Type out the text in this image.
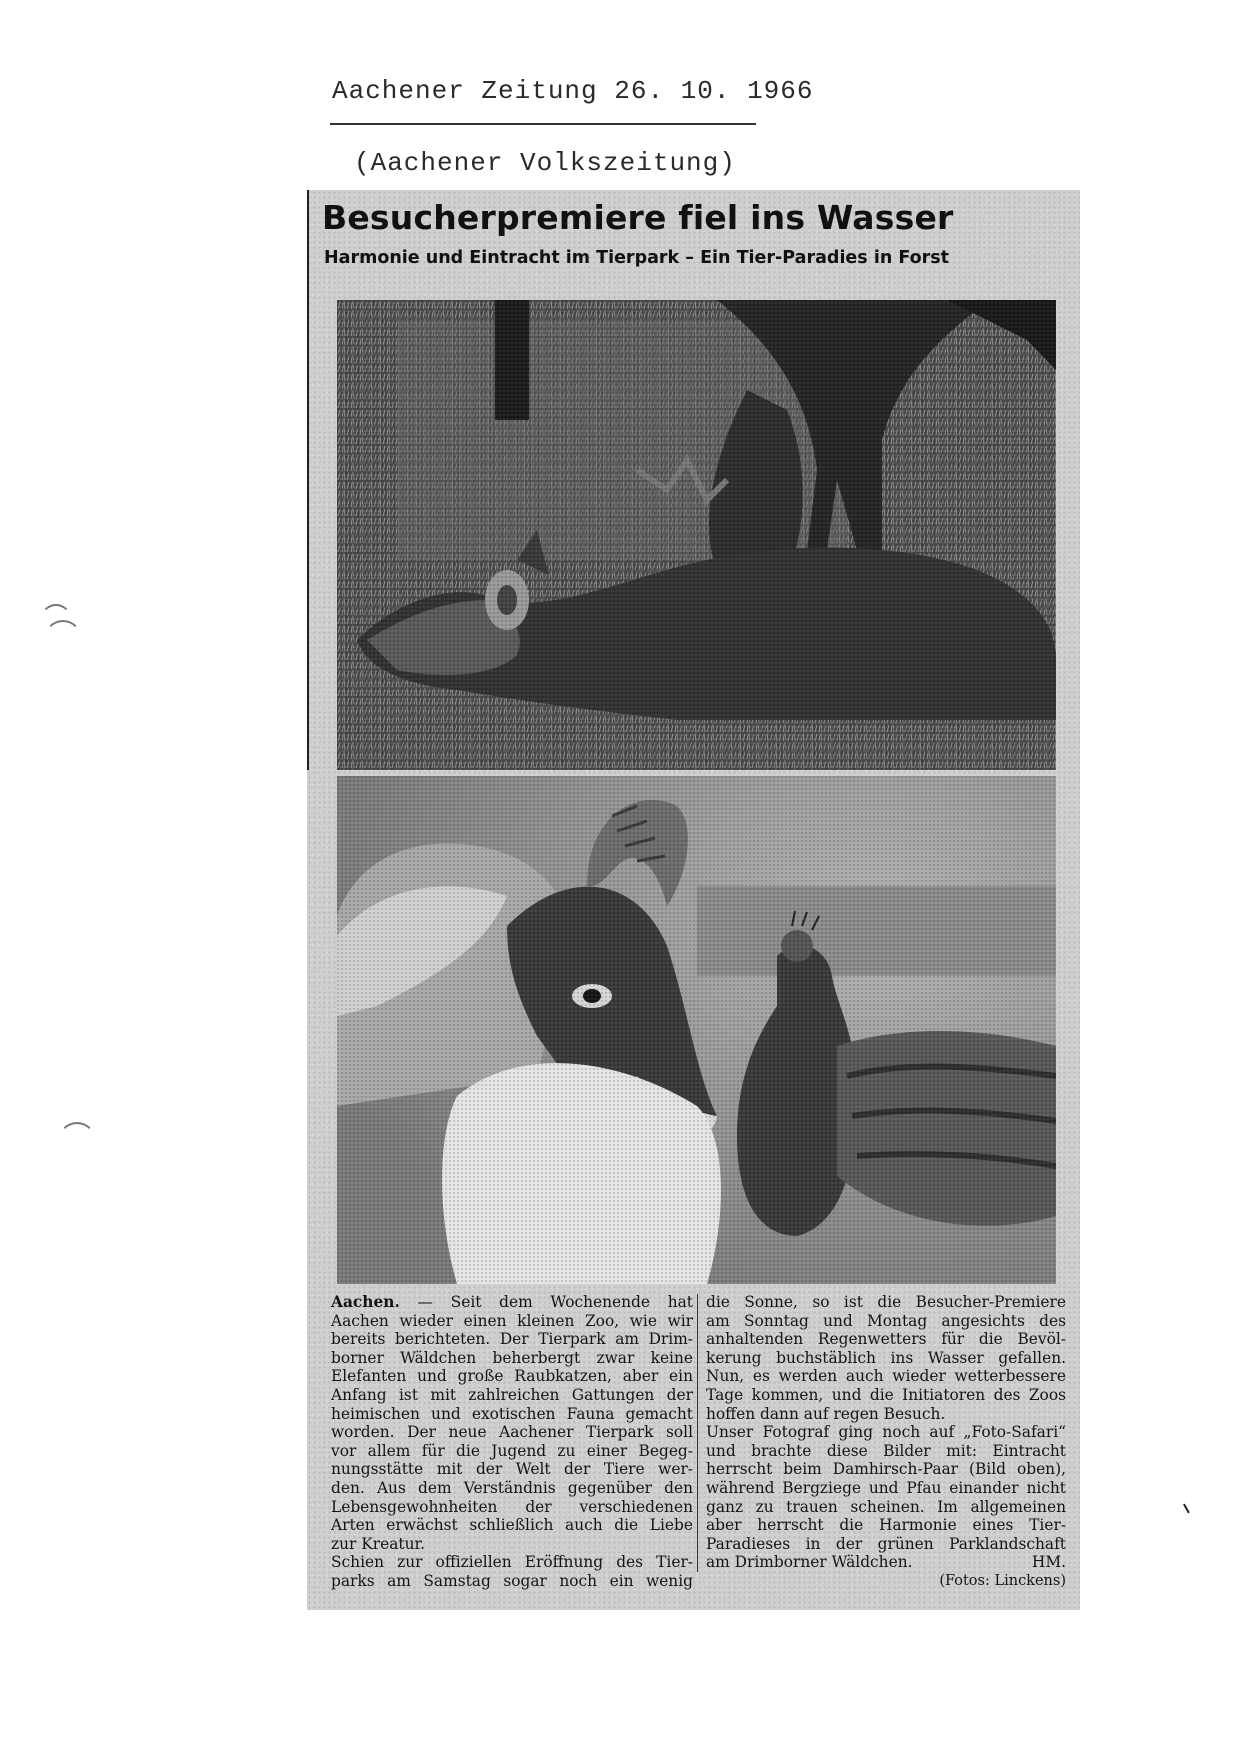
Aachener Zeitung 26. 10. 1966
(Aachener Volkszeitung)
Besucherpremiere fiel ins Wasser
Harmonie und Eintracht im Tierpark – Ein Tier-Paradies in Forst
Aachen. — Seit dem Wochenende hat
Aachen wieder einen kleinen Zoo, wie wir
bereits berichteten. Der Tierpark am Drim-
borner Wäldchen beherbergt zwar keine
Elefanten und große Raubkatzen, aber ein
Anfang ist mit zahlreichen Gattungen der
heimischen und exotischen Fauna gemacht
worden. Der neue Aachener Tierpark soll
vor allem für die Jugend zu einer Begeg-
nungsstätte mit der Welt der Tiere wer-
den. Aus dem Verständnis gegenüber den
Lebensgewohnheiten der verschiedenen
Arten erwächst schließlich auch die Liebe
zur Kreatur.
Schien zur offiziellen Eröffnung des Tier-
parks am Samstag sogar noch ein wenig
die Sonne, so ist die Besucher-Premiere
am Sonntag und Montag angesichts des
anhaltenden Regenwetters für die Bevöl-
kerung buchstäblich ins Wasser gefallen.
Nun, es werden auch wieder wetterbessere
Tage kommen, und die Initiatoren des Zoos
hoffen dann auf regen Besuch.
Unser Fotograf ging noch auf „Foto-Safari“
und brachte diese Bilder mit: Eintracht
herrscht beim Damhirsch-Paar (Bild oben),
während Bergziege und Pfau einander nicht
ganz zu trauen scheinen. Im allgemeinen
aber herrscht die Harmonie eines Tier-
Paradieses in der grünen Parklandschaft
am Drimborner Wäldchen.	HM.
(Fotos: Linckens)
